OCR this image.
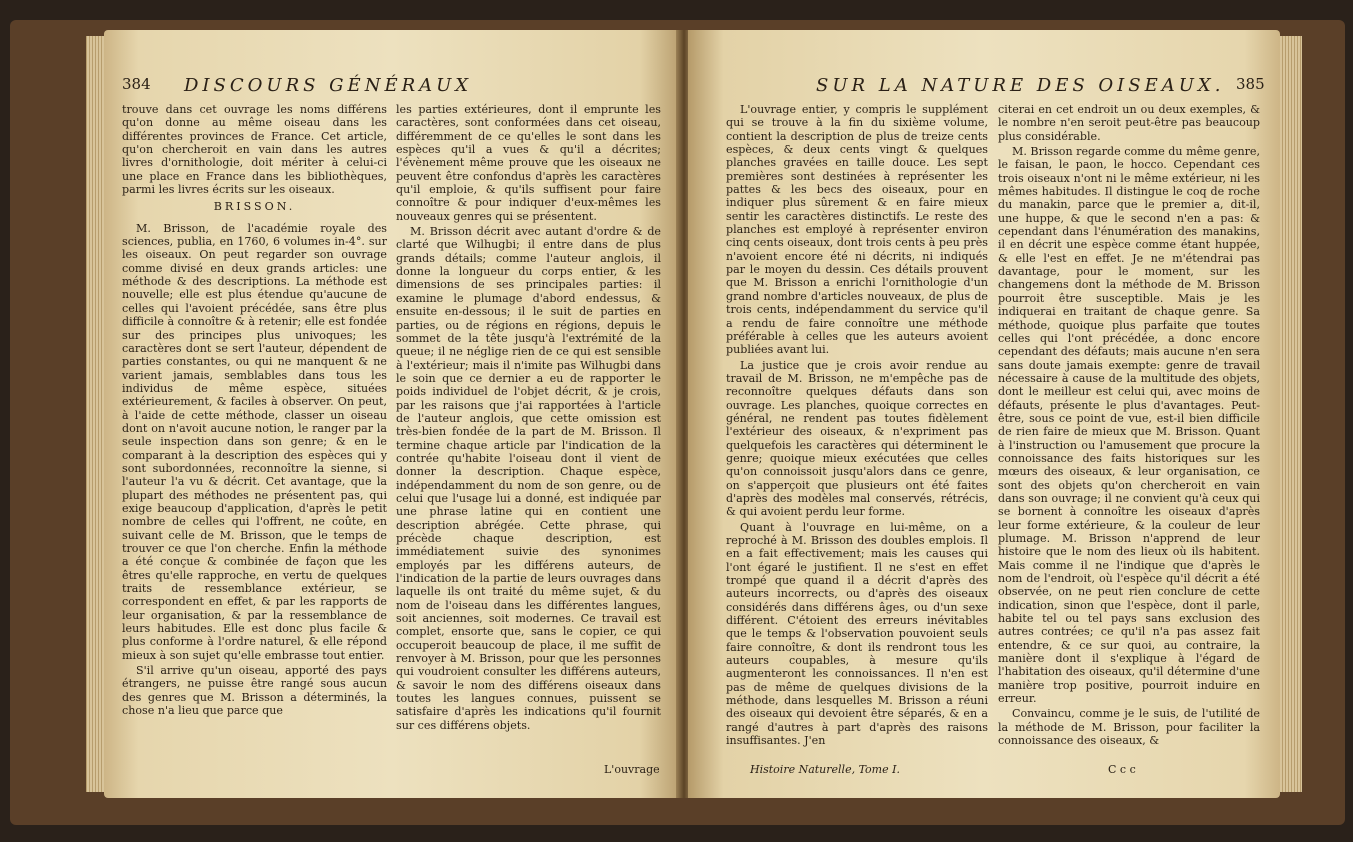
384 DISCOURS GÉNÉRAUX

trouve dans cet ouvrage les noms différens qu'on donne au même oiseau dans les différentes provinces de France. Cet article, qu'on chercheroit en vain dans les autres livres d'ornithologie, doit mériter à celui-ci une place en France dans les bibliothèques, parmi les livres écrits sur les oiseaux.

BRISSON.

M. Brisson, de l'académie royale des sciences, publia, en 1760, 6 volumes in-4°. sur les oiseaux. On peut regarder son ouvrage comme divisé en deux grands articles: une méthode & des descriptions. La méthode est nouvelle; elle est plus étendue qu'aucune de celles qui l'avoient précédée, sans être plus difficile à connoître & à retenir; elle est fondée sur des principes plus univoques; les caractères dont se sert l'auteur, dépendent de parties constantes, ou qui ne manquent & ne varient jamais, semblables dans tous les individus de même espèce, situées extérieurement, & faciles à observer. On peut, à l'aide de cette méthode, classer un oiseau dont on n'avoit aucune notion, le ranger par la seule inspection dans son genre; & en le comparant à la description des espèces qui y sont subordonnées, reconnoître la sienne, si l'auteur l'a vu & décrit. Cet avantage, que la plupart des méthodes ne présentent pas, qui exige beaucoup d'application, d'après le petit nombre de celles qui l'offrent, ne coûte, en suivant celle de M. Brisson, que le temps de trouver ce que l'on cherche. Enfin la méthode a été conçue & combinée de façon que les êtres qu'elle rapproche, en vertu de quelques traits de ressemblance extérieur, se correspondent en effet, & par les rapports de leur organisation, & par la ressemblance de leurs habitudes. Elle est donc plus facile & plus conforme à l'ordre naturel, & elle répond mieux à son sujet qu'elle embrasse tout entier.

S'il arrive qu'un oiseau, apporté des pays étrangers, ne puisse être rangé sous aucun des genres que M. Brisson a déterminés, la chose n'a lieu que parce que

les parties extérieures, dont il emprunte les caractères, sont conformées dans cet oiseau, différemment de ce qu'elles le sont dans les espèces qu'il a vues & qu'il a décrites; l'évènement même prouve que les oiseaux ne peuvent être confondus d'après les caractères qu'il emploie, & qu'ils suffisent pour faire connoître & pour indiquer d'eux-mêmes les nouveaux genres qui se présentent.

M. Brisson décrit avec autant d'ordre & de clarté que Wilhugbi; il entre dans de plus grands détails; comme l'auteur anglois, il donne la longueur du corps entier, & les dimensions de ses principales parties: il examine le plumage d'abord endessus, & ensuite en-dessous; il le suit de parties en parties, ou de régions en régions, depuis le sommet de la tête jusqu'à l'extrémité de la queue; il ne néglige rien de ce qui est sensible à l'extérieur; mais il n'imite pas Wilhugbi dans le soin que ce dernier a eu de rapporter le poids individuel de l'objet décrit, & je crois, par les raisons que j'ai rapportées à l'article de l'auteur anglois, que cette omission est très-bien fondée de la part de M. Brisson. Il termine chaque article par l'indication de la contrée qu'habite l'oiseau dont il vient de donner la description. Chaque espèce, indépendamment du nom de son genre, ou de celui que l'usage lui a donné, est indiquée par une phrase latine qui en contient une description abrégée. Cette phrase, qui précède chaque description, est immédiatement suivie des synonimes employés par les différens auteurs, de l'indication de la partie de leurs ouvrages dans laquelle ils ont traité du même sujet, & du nom de l'oiseau dans les différentes langues, soit anciennes, soit modernes. Ce travail est complet, ensorte que, sans le copier, ce qui occuperoit beaucoup de place, il me suffit de renvoyer à M. Brisson, pour que les personnes qui voudroient consulter les différens auteurs, & savoir le nom des différens oiseaux dans toutes les langues connues, puissent se satisfaire d'après les indications qu'il fournit sur ces différens objets.

L'ouvrage
SUR LA NATURE DES OISEAUX. 385

L'ouvrage entier, y compris le supplément qui se trouve à la fin du sixième volume, contient la description de plus de treize cents espèces, & deux cents vingt & quelques planches gravées en taille douce. Les sept premières sont destinées à représenter les pattes & les becs des oiseaux, pour en indiquer plus sûrement & en faire mieux sentir les caractères distinctifs. Le reste des planches est employé à représenter environ cinq cents oiseaux, dont trois cents à peu près n'avoient encore été ni décrits, ni indiqués par le moyen du dessin. Ces détails prouvent que M. Brisson a enrichi l'ornithologie d'un grand nombre d'articles nouveaux, de plus de trois cents, indépendamment du service qu'il a rendu de faire connoître une méthode préférable à celles que les auteurs avoient publiées avant lui.

La justice que je crois avoir rendue au travail de M. Brisson, ne m'empêche pas de reconnoître quelques défauts dans son ouvrage. Les planches, quoique correctes en général, ne rendent pas toutes fidèlement l'extérieur des oiseaux, & n'expriment pas quelquefois les caractères qui déterminent le genre; quoique mieux exécutées que celles qu'on connoissoit jusqu'alors dans ce genre, on s'apperçoit que plusieurs ont été faites d'après des modèles mal conservés, rétrécis, & qui avoient perdu leur forme.

Quant à l'ouvrage en lui-même, on a reproché à M. Brisson des doubles emplois. Il en a fait effectivement; mais les causes qui l'ont égaré le justifient. Il ne s'est en effet trompé que quand il a décrit d'après des auteurs incorrects, ou d'après des oiseaux considérés dans différens âges, ou d'un sexe différent. C'étoient des erreurs inévitables que le temps & l'observation pouvoient seuls faire connoître, & dont ils rendront tous les auteurs coupables, à mesure qu'ils augmenteront les connoissances. Il n'en est pas de même de quelques divisions de la méthode, dans lesquelles M. Brisson a réuni des oiseaux qui devoient être séparés, & en a rangé d'autres à part d'après des raisons insuffisantes. J'en

citerai en cet endroit un ou deux exemples, & le nombre n'en seroit peut-être pas beaucoup plus considérable.

M. Brisson regarde comme du même genre, le faisan, le paon, le hocco. Cependant ces trois oiseaux n'ont ni le même extérieur, ni les mêmes habitudes. Il distingue le coq de roche du manakin, parce que le premier a, dit-il, une huppe, & que le second n'en a pas: & cependant dans l'énumération des manakins, il en décrit une espèce comme étant huppée, & elle l'est en effet. Je ne m'étendrai pas davantage, pour le moment, sur les changemens dont la méthode de M. Brisson pourroit être susceptible. Mais je les indiquerai en traitant de chaque genre. Sa méthode, quoique plus parfaite que toutes celles qui l'ont précédée, a donc encore cependant des défauts; mais aucune n'en sera sans doute jamais exempte: genre de travail nécessaire à cause de la multitude des objets, dont le meilleur est celui qui, avec moins de défauts, présente le plus d'avantages. Peut-être, sous ce point de vue, est-il bien difficile de rien faire de mieux que M. Brisson. Quant à l'instruction ou l'amusement que procure la connoissance des faits historiques sur les mœurs des oiseaux, & leur organisation, ce sont des objets qu'on chercheroit en vain dans son ouvrage; il ne convient qu'à ceux qui se bornent à connoître les oiseaux d'après leur forme extérieure, & la couleur de leur plumage. M. Brisson n'apprend de leur histoire que le nom des lieux où ils habitent. Mais comme il ne l'indique que d'après le nom de l'endroit, où l'espèce qu'il décrit a été observée, on ne peut rien conclure de cette indication, sinon que l'espèce, dont il parle, habite tel ou tel pays sans exclusion des autres contrées; ce qu'il n'a pas assez fait entendre, & ce sur quoi, au contraire, la manière dont il s'explique à l'égard de l'habitation des oiseaux, qu'il détermine d'une manière trop positive, pourroit induire en erreur.

Convaincu, comme je le suis, de l'utilité de la méthode de M. Brisson, pour faciliter la connoissance des oiseaux, &

Histoire Naturelle, Tome I.	C c c
